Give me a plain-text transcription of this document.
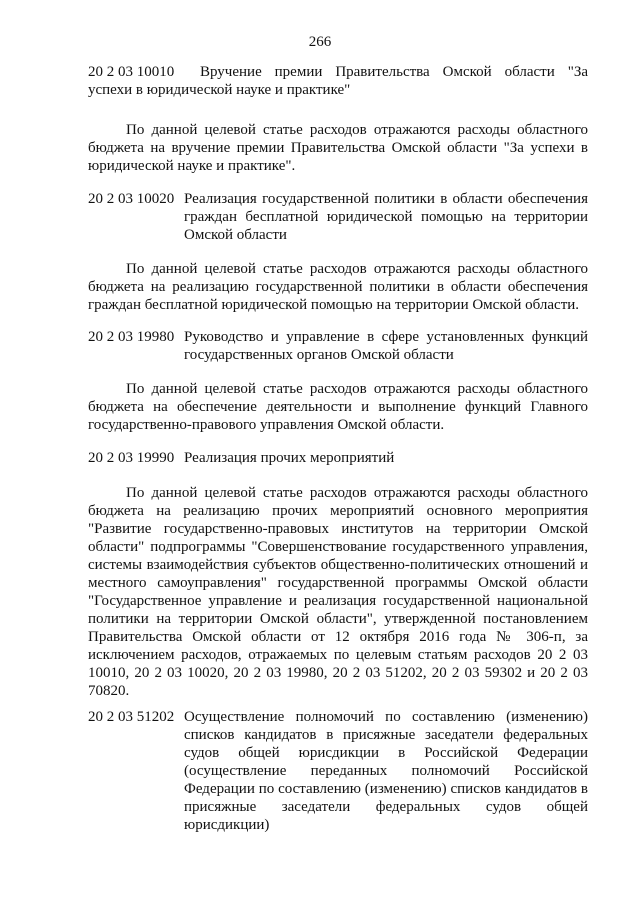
266
20 2 03 10010	Вручение премии Правительства Омской области "За успехи в юридической науке и практике"
По данной целевой статье расходов отражаются расходы областного бюджета на вручение премии Правительства Омской области "За успехи в юридической науке и практике".
20 2 03 10020 Реализация государственной политики в области обеспечения граждан бесплатной юридической помощью на территории Омской области
По данной целевой статье расходов отражаются расходы областного бюджета на реализацию государственной политики в области обеспечения граждан бесплатной юридической помощью на территории Омской области.
20 2 03 19980 Руководство и управление в сфере установленных функций государственных органов Омской области
По данной целевой статье расходов отражаются расходы областного бюджета на обеспечение деятельности и выполнение функций Главного государственно-правового управления Омской области.
20 2 03 19990 Реализация прочих мероприятий
По данной целевой статье расходов отражаются расходы областного бюджета на реализацию прочих мероприятий основного мероприятия "Развитие государственно-правовых институтов на территории Омской области" подпрограммы "Совершенствование государственного управления, системы взаимодействия субъектов общественно-политических отношений и местного самоуправления" государственной программы Омской области "Государственное управление и реализация государственной национальной политики на территории Омской области", утвержденной постановлением Правительства Омской области от 12 октября 2016 года № 306-п, за исключением расходов, отражаемых по целевым статьям расходов 20 2 03 10010, 20 2 03 10020, 20 2 03 19980, 20 2 03 51202, 20 2 03 59302 и 20 2 03 70820.
20 2 03 51202 Осуществление полномочий по составлению (изменению) списков кандидатов в присяжные заседатели федеральных судов общей юрисдикции в Российской Федерации (осуществление переданных полномочий Российской Федерации по составлению (изменению) списков кандидатов в присяжные заседатели федеральных судов общей юрисдикции)
